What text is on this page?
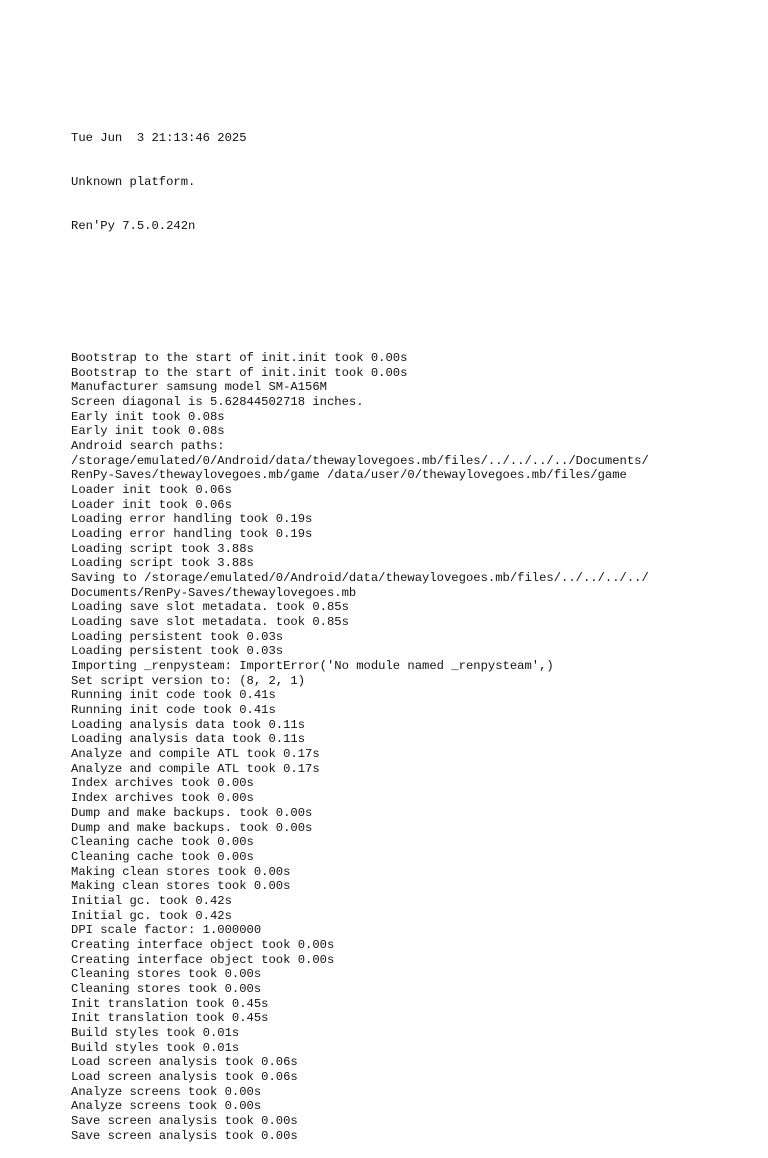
Tue Jun  3 21:13:46 2025

Unknown platform.

Ren'Py 7.5.0.242n

Bootstrap to the start of init.init took 0.00s
Bootstrap to the start of init.init took 0.00s
Manufacturer samsung model SM-A156M
Screen diagonal is 5.62844502718 inches.
Early init took 0.08s
Early init took 0.08s
Android search paths:
/storage/emulated/0/Android/data/thewaylovegoes.mb/files/../../../../Documents/
RenPy-Saves/thewaylovegoes.mb/game /data/user/0/thewaylovegoes.mb/files/game
Loader init took 0.06s
Loader init took 0.06s
Loading error handling took 0.19s
Loading error handling took 0.19s
Loading script took 3.88s
Loading script took 3.88s
Saving to /storage/emulated/0/Android/data/thewaylovegoes.mb/files/../../../../
Documents/RenPy-Saves/thewaylovegoes.mb
Loading save slot metadata. took 0.85s
Loading save slot metadata. took 0.85s
Loading persistent took 0.03s
Loading persistent took 0.03s
Importing _renpysteam: ImportError('No module named _renpysteam',)
Set script version to: (8, 2, 1)
Running init code took 0.41s
Running init code took 0.41s
Loading analysis data took 0.11s
Loading analysis data took 0.11s
Analyze and compile ATL took 0.17s
Analyze and compile ATL took 0.17s
Index archives took 0.00s
Index archives took 0.00s
Dump and make backups. took 0.00s
Dump and make backups. took 0.00s
Cleaning cache took 0.00s
Cleaning cache took 0.00s
Making clean stores took 0.00s
Making clean stores took 0.00s
Initial gc. took 0.42s
Initial gc. took 0.42s
DPI scale factor: 1.000000
Creating interface object took 0.00s
Creating interface object took 0.00s
Cleaning stores took 0.00s
Cleaning stores took 0.00s
Init translation took 0.45s
Init translation took 0.45s
Build styles took 0.01s
Build styles took 0.01s
Load screen analysis took 0.06s
Load screen analysis took 0.06s
Analyze screens took 0.00s
Analyze screens took 0.00s
Save screen analysis took 0.00s
Save screen analysis took 0.00s
